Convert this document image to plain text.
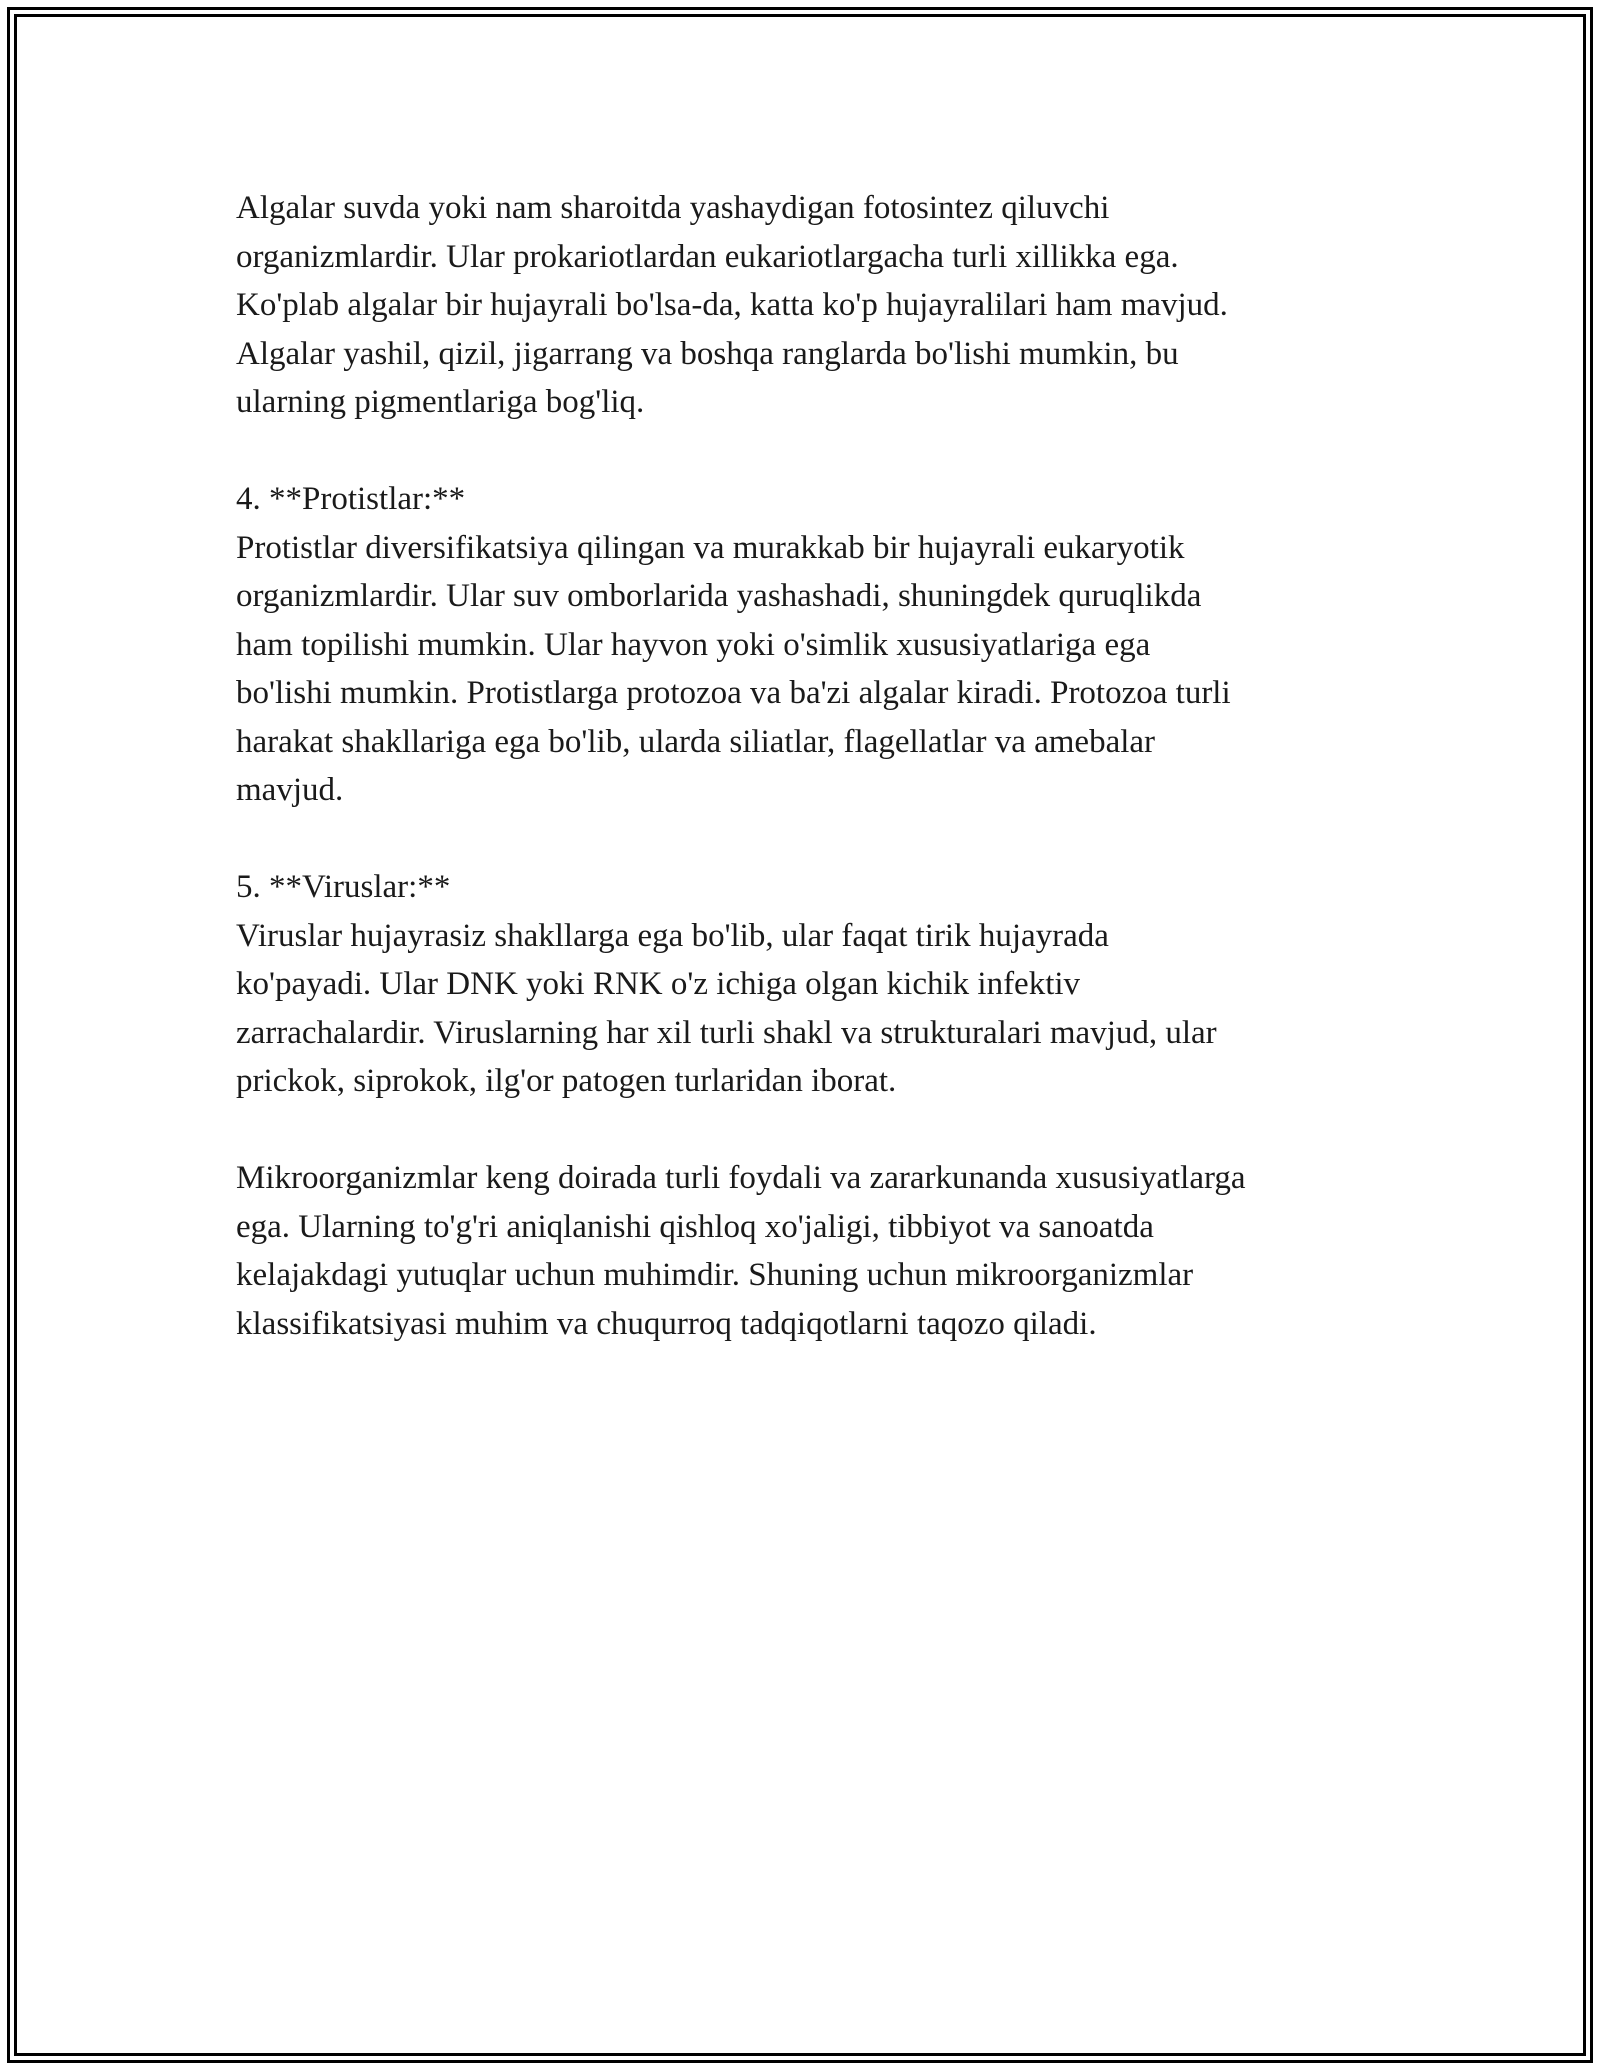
Algalar suvda yoki nam sharoitda yashaydigan fotosintez qiluvchi
organizmlardir. Ular prokariotlardan eukariotlargacha turli xillikka ega.
Ko'plab algalar bir hujayrali bo'lsa-da, katta ko'p hujayralilari ham mavjud.
Algalar yashil, qizil, jigarrang va boshqa ranglarda bo'lishi mumkin, bu
ularning pigmentlariga bog'liq.

4. **Protistlar:**

Protistlar diversifikatsiya qilingan va murakkab bir hujayrali eukaryotik
organizmlardir. Ular suv omborlarida yashashadi, shuningdek quruqlikda
ham topilishi mumkin. Ular hayvon yoki o'simlik xususiyatlariga ega
bo'lishi mumkin. Protistlarga protozoa va ba'zi algalar kiradi. Protozoa turli
harakat shakllariga ega bo'lib, ularda siliatlar, flagellatlar va amebalar
mavjud.

5. **Viruslar:**

Viruslar hujayrasiz shakllarga ega bo'lib, ular faqat tirik hujayrada
ko'payadi. Ular DNK yoki RNK o'z ichiga olgan kichik infektiv
zarrachalardir. Viruslarning har xil turli shakl va strukturalari mavjud, ular
prickok, siprokok, ilg'or patogen turlaridan iborat.

Mikroorganizmlar keng doirada turli foydali va zararkunanda xususiyatlarga
ega. Ularning to'g'ri aniqlanishi qishloq xo'jaligi, tibbiyot va sanoatda
kelajakdagi yutuqlar uchun muhimdir. Shuning uchun mikroorganizmlar
klassifikatsiyasi muhim va chuqurroq tadqiqotlarni taqozo qiladi.
